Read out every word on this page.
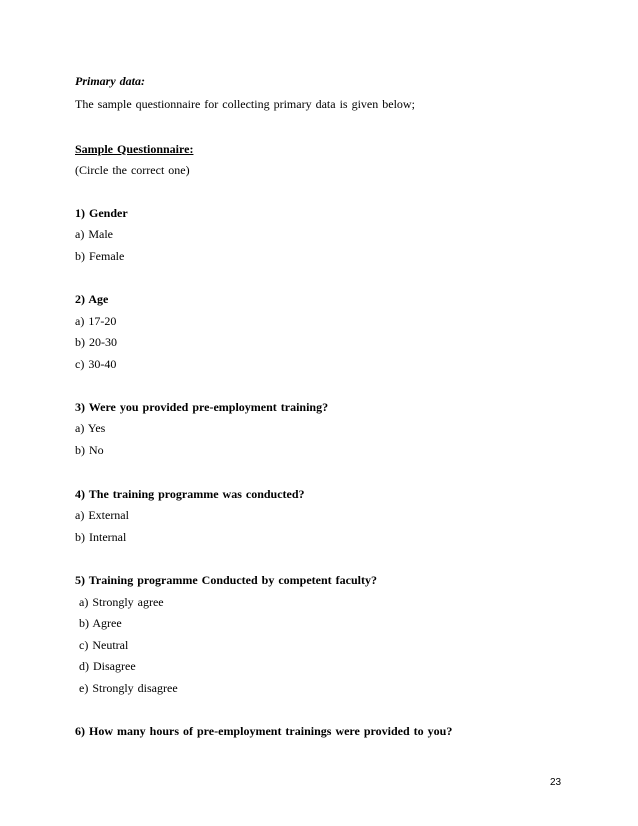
Primary data:
The sample questionnaire for collecting primary data is given below;
Sample Questionnaire:
(Circle the correct one)
1) Gender
a) Male
b) Female
2) Age
a) 17-20
b) 20-30
c) 30-40
3) Were you provided pre-employment training?
a) Yes
b) No
4) The training programme was conducted?
a) External
b) Internal
5) Training programme Conducted by competent faculty?
a) Strongly agree
b) Agree
c) Neutral
d) Disagree
e) Strongly disagree
6) How many hours of pre-employment trainings were provided to you?
23
